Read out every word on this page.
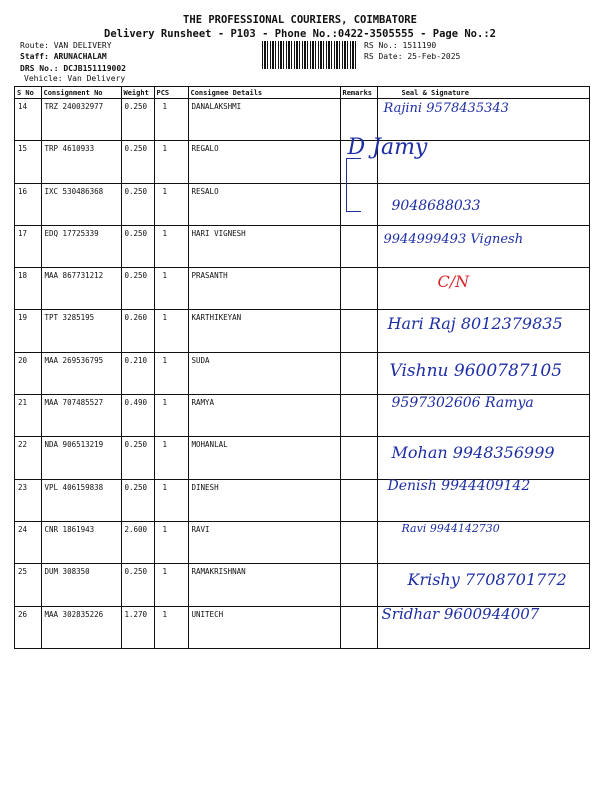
THE PROFESSIONAL COURIERS, COIMBATORE
Delivery Runsheet - P103 - Phone No.:0422-3505555 - Page No.:2
Route: VAN DELIVERY
Staff: ARUNACHALAM
DRS No.: DCJB151119002
Vehicle: Van Delivery
RS No.: 1511190
RS Date: 25-Feb-2025
S No	Consignment No	Weight	PCS	Consignee Details	Remarks	Seal & Signature
14	TRZ 240032977	0.250	1	DANALAKSHMI		Rajini 9578435343

15	TRP 4610933	0.250	1	REGALO		D Jamy

16	IXC 530486368	0.250	1	RESALO		9048688033

17	EDQ 17725339	0.250	1	HARI VIGNESH		9944999493 Vignesh

18	MAA 867731212	0.250	1	PRASANTH		C/N

19	TPT 3285195	0.260	1	KARTHIKEYAN		Hari Raj 8012379835

20	MAA 269536795	0.210	1	SUDA		Vishnu 9600787105

21	MAA 707485527	0.490	1	RAMYA		9597302606 Ramya

22	NDA 906513219	0.250	1	MOHANLAL		Mohan 9948356999

23	VPL 406159838	0.250	1	DINESH		Denish 9944409142

24	CNR 1861943	2.600	1	RAVI		Ravi 9944142730

25	DUM 308350	0.250	1	RAMAKRISHNAN		Krishy 7708701772

26	MAA 302835226	1.270	1	UNITECH		Sridhar 9600944007
